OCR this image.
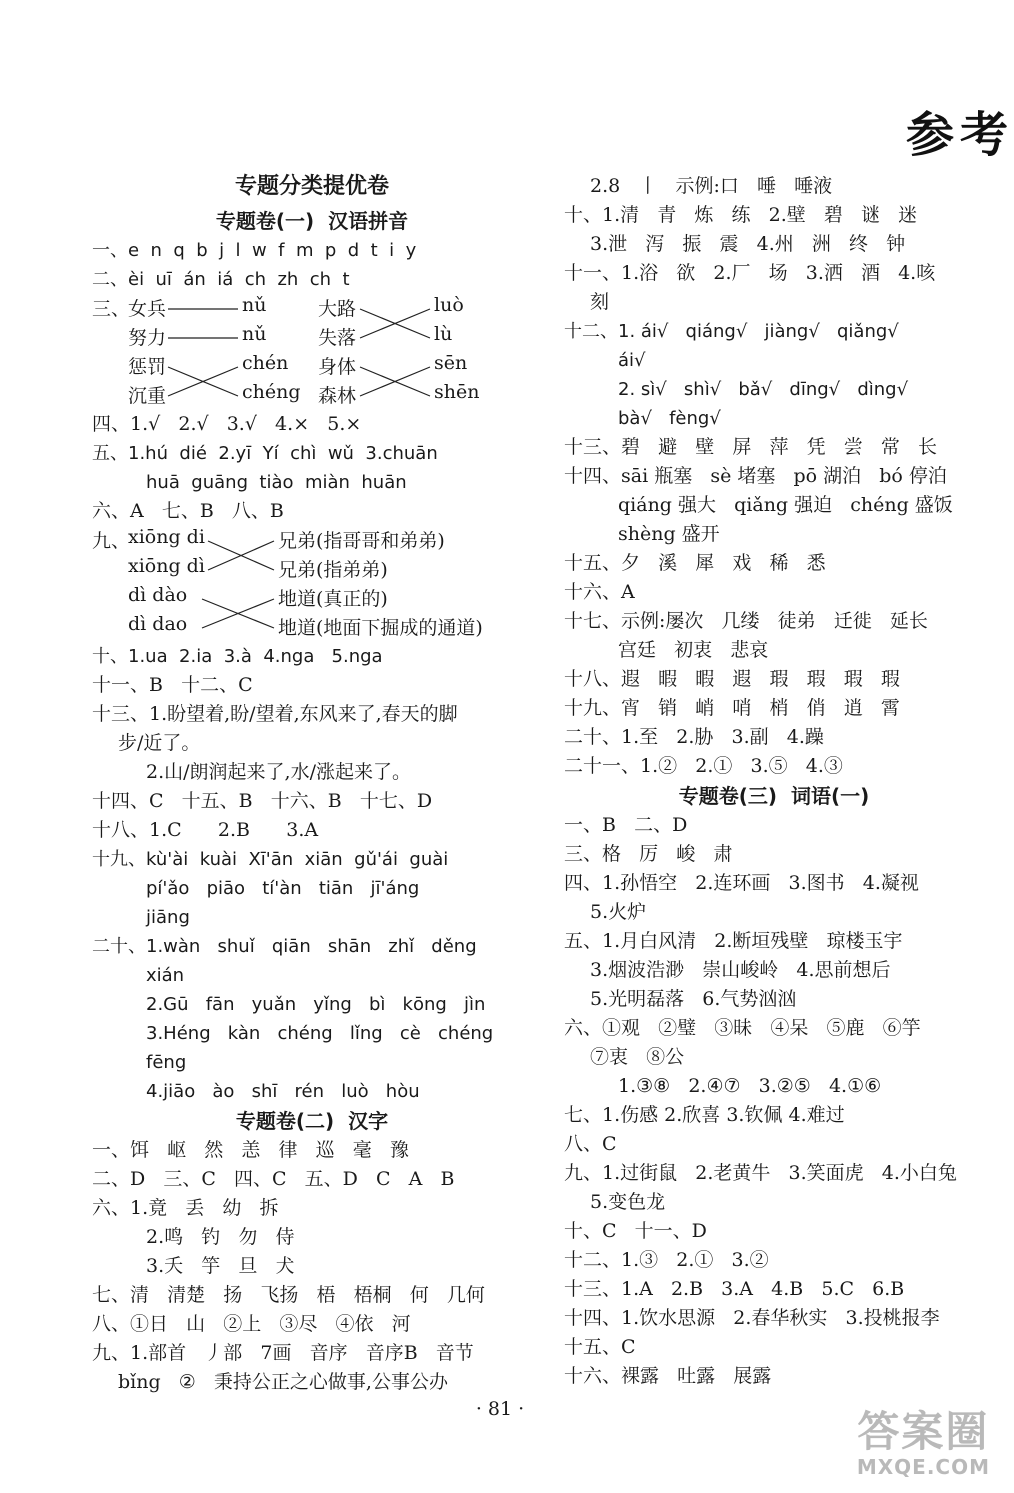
参考
专题分类提优卷
专题卷(一)  汉语拼音
一、e  n  q  b  j  l  w  f  m  p  d  t  i  y
二、èi  uī  án  iá  ch  zh  ch  t
三、
女兵	nǔ	大路	luò
努力	nǔ	失落	lù
惩罚	chén 身体	sēn
沉重	chéng 森林	shēn
四、1.√   2.√   3.√   4.×   5.×
五、1.hú  dié  2.yī  Yí  chì  wǔ  3.chuān
huā  guāng  tiào  miàn  huān
六、A   七、B   八、B
九、
xiōng di	兄弟(指哥哥和弟弟)
xiōng dì	兄弟(指弟弟)
dì dào	地道(真正的)
dì dao	地道(地面下掘成的通道)
十、1.ua  2.ia  3.à  4.nga   5.nga
十一、B   十二、C
十三、1.盼望着,盼/望着,东风来了,春天的脚
步/近了。
2.山/朗润起来了,水/涨起来了。
十四、C   十五、B   十六、B   十七、D
十八、1.C      2.B      3.A
十九、kù'ài  kuài  Xī'ān  xiān  gǔ'ái  guài
pí'ǎo   piāo   tí'àn   tiān   jī'áng
jiāng
二十、1.wàn   shuǐ   qiān   shān   zhǐ   děng
xián
2.Gū   fān   yuǎn   yǐng   bì   kōng   jìn
3.Héng   kàn   chéng   lǐng   cè   chéng
fēng
4.jiāo   ào   shī   rén   luò   hòu
专题卷(二)  汉字
一、饵   岖   然   恙   律   巡   毫   豫
二、D   三、C   四、C   五、D   C   A   B
六、1.竟   丢   幼   拆
2.鸣   钓   勿   侍
3.夭   竽   旦   犬
七、清   清楚   扬   飞扬   梧   梧桐   何   几何
八、①日   山   ②上   ③尽   ④依   河
九、1.部首   丿部   7画   音序   音序B   音节
bǐng   ②   秉持公正之心做事,公事公办
2.8   丨   示例:口   唾   唾液
十、1.清   青   炼   练   2.壁   碧   谜   迷
3.泄   泻   振   震   4.州   洲   终   钟
十一、1.浴   欲   2.厂   场   3.洒   酒   4.咳
刻
十二、1. ái√   qiáng√   jiàng√   qiǎng√
ái√
2. sì√   shì√   bǎ√   dīng√   dìng√
bà√   fèng√
十三、碧   避   壁   屏   萍   凭   尝   常   长
十四、sāi 瓶塞   sè 堵塞   pō 湖泊   bó 停泊
qiáng 强大   qiǎng 强迫   chéng 盛饭
shèng 盛开
十五、夕   溪   犀   戏   稀   悉
十六、A
十七、示例:屡次   几缕   徒弟   迁徙   延长
宫廷   初衷   悲哀
十八、遐   暇   暇   遐   瑕   瑕   瑕   瑕
十九、宵   销   峭   哨   梢   俏   逍   霄
二十、1.至   2.胁   3.副   4.躁
二十一、1.②   2.①   3.⑤   4.③
专题卷(三)  词语(一)
一、B   二、D
三、格   厉   峻   肃
四、1.孙悟空   2.连环画   3.图书   4.凝视
5.火炉
五、1.月白风清   2.断垣残壁   琼楼玉宇
3.烟波浩渺   崇山峻岭   4.思前想后
5.光明磊落   6.气势汹汹
六、①观   ②璧   ③昧   ④呆   ⑤鹿   ⑥竽
⑦衷   ⑧公
1.③⑧   2.④⑦   3.②⑤   4.①⑥
七、1.伤感 2.欣喜 3.钦佩 4.难过
八、C
九、1.过街鼠   2.老黄牛   3.笑面虎   4.小白兔
5.变色龙
十、C   十一、D
十二、1.③   2.①   3.②
十三、1.A   2.B   3.A   4.B   5.C   6.B
十四、1.饮水思源   2.春华秋实   3.投桃报李
十五、C
十六、裸露   吐露   展露
· 81 ·	答案圈
MXQE.COM
